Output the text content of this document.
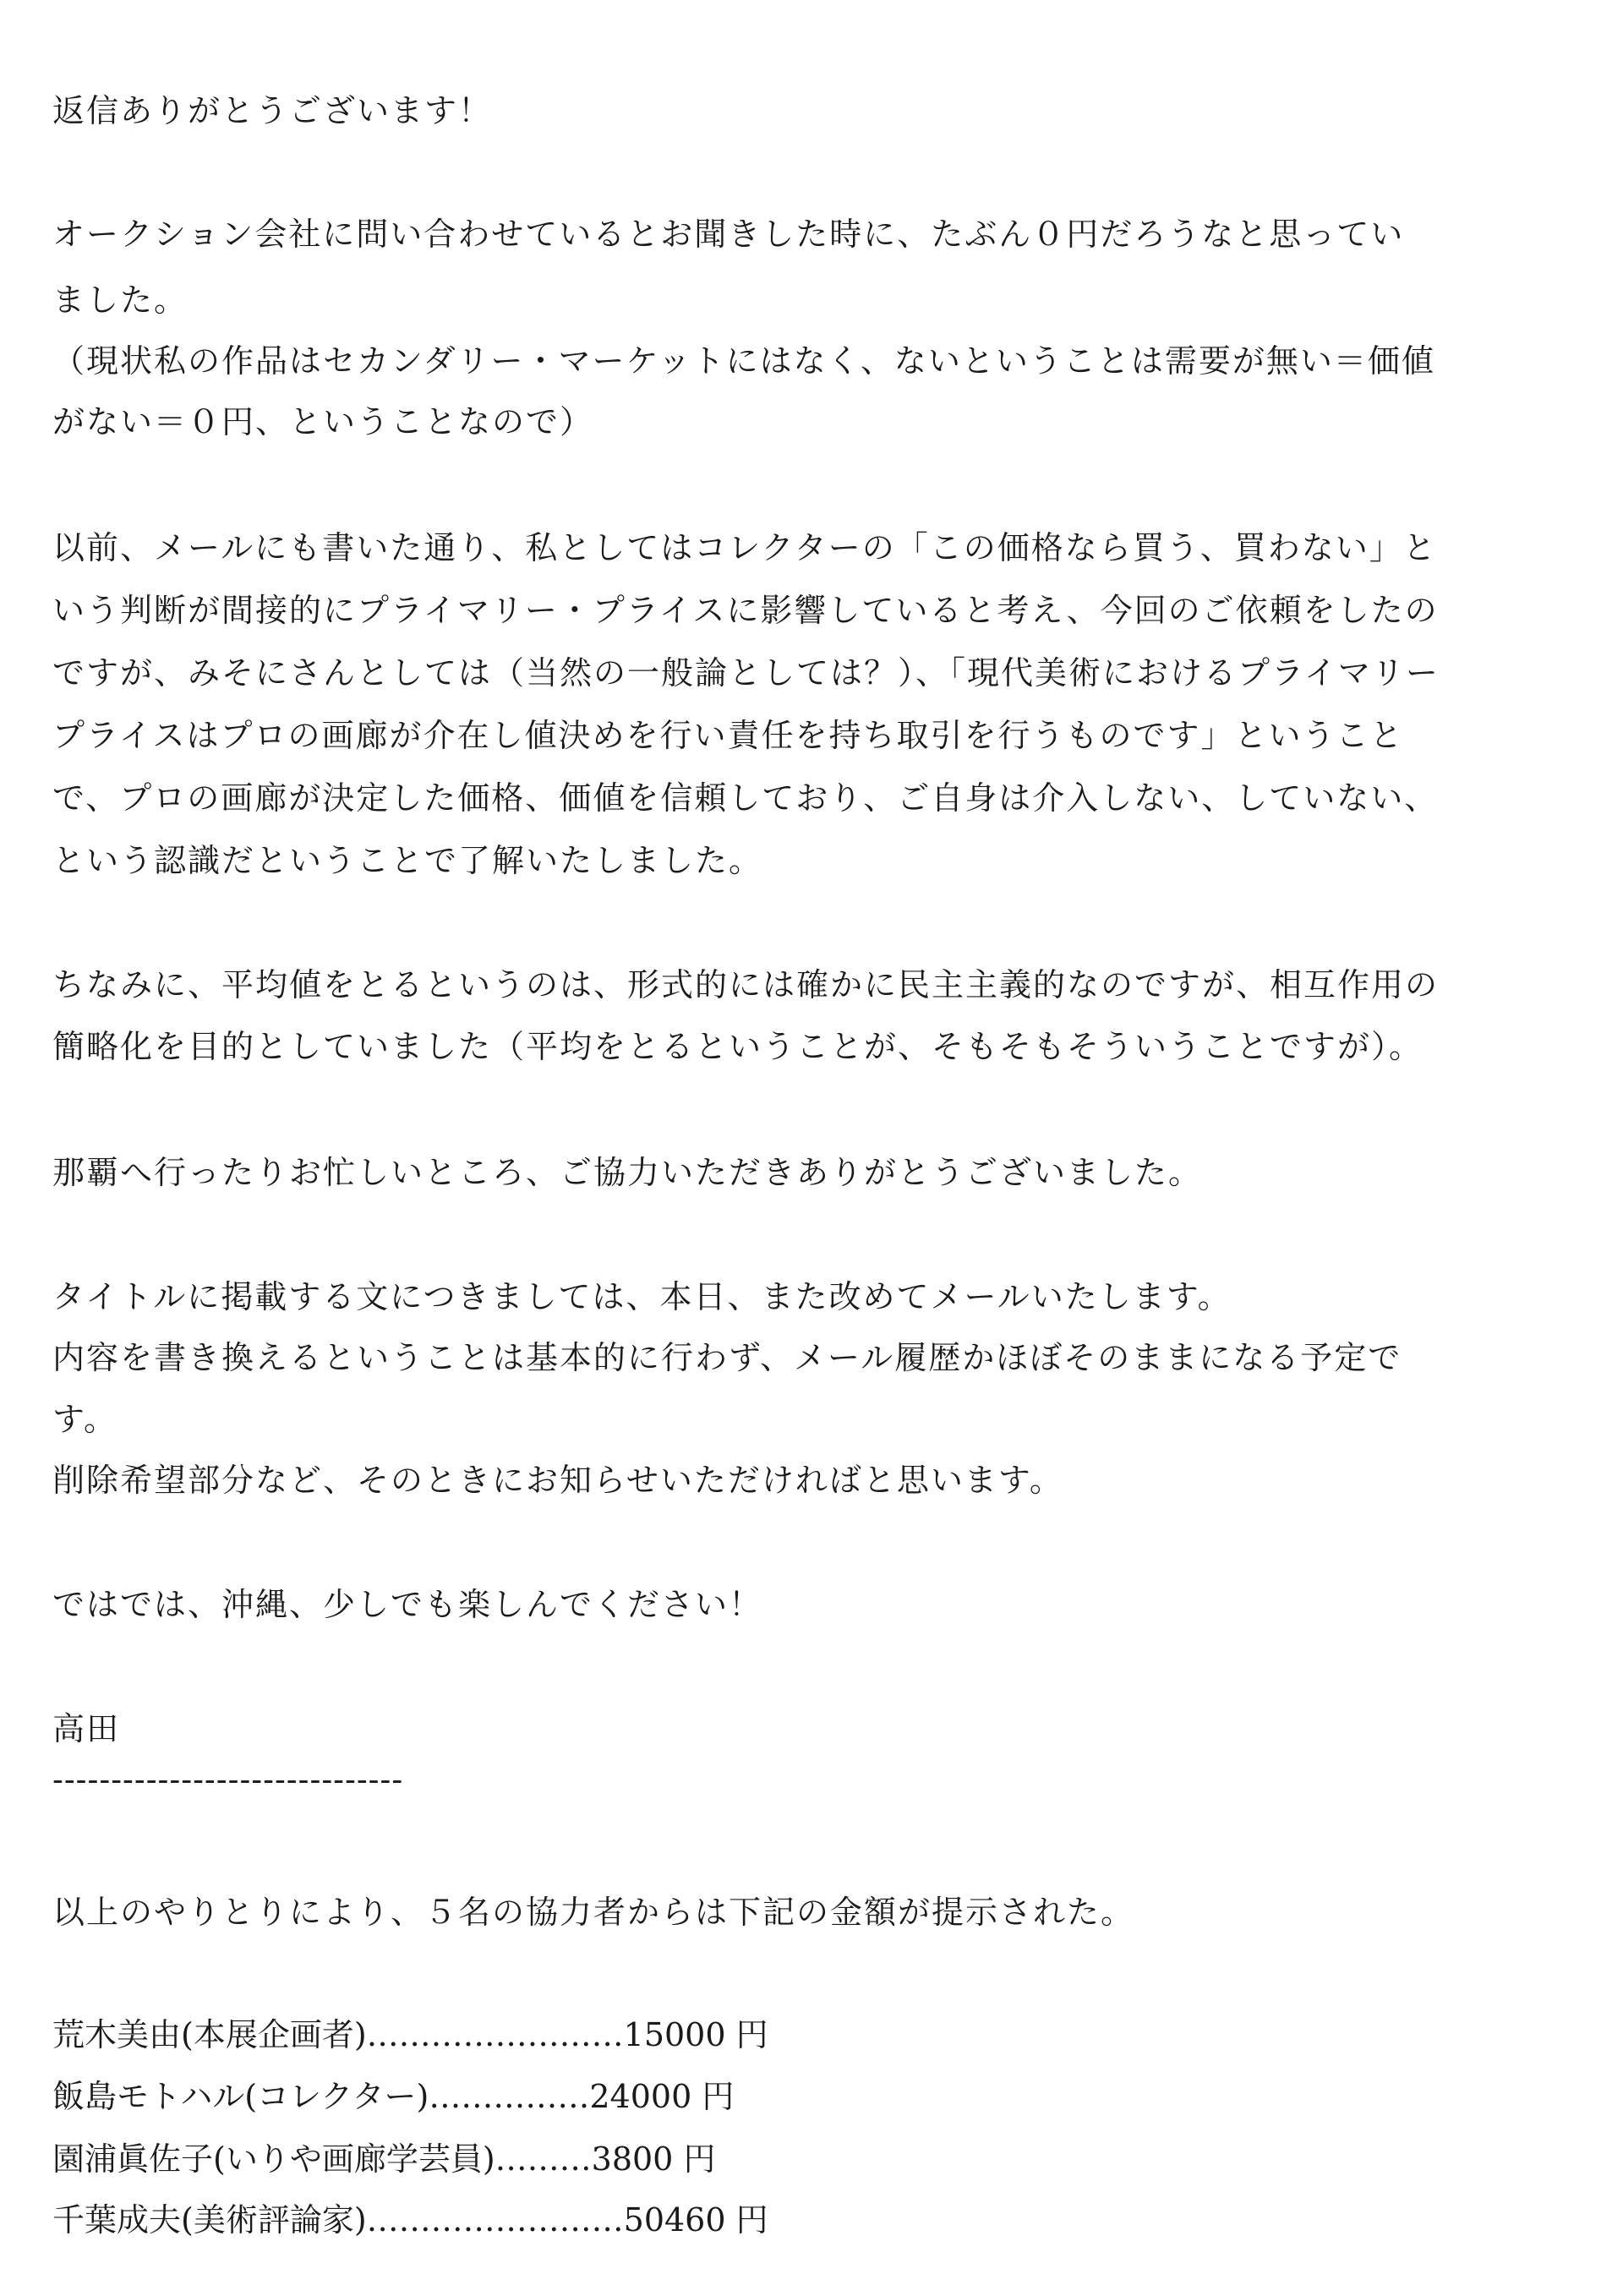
返信ありがとうございます！

オークション会社に問い合わせているとお聞きした時に、たぶん０円だろうなと思ってい

ました。

（現状私の作品はセカンダリー・マーケットにはなく、ないということは需要が無い＝価値

がない＝０円、ということなので）

以前、メールにも書いた通り、私としてはコレクターの「この価格なら買う、買わない」と

いう判断が間接的にプライマリー・プライスに影響していると考え、今回のご依頼をしたの

ですが、みそにさんとしては（当然の一般論としては？）、「現代美術におけるプライマリー

プライスはプロの画廊が介在し値決めを行い責任を持ち取引を行うものです」ということ

で、プロの画廊が決定した価格、価値を信頼しており、ご自身は介入しない、していない、

という認識だということで了解いたしました。

ちなみに、平均値をとるというのは、形式的には確かに民主主義的なのですが、相互作用の

簡略化を目的としていました（平均をとるということが、そもそもそういうことですが）。

那覇へ行ったりお忙しいところ、ご協力いただきありがとうございました。

タイトルに掲載する文につきましては、本日、また改めてメールいたします。

内容を書き換えるということは基本的に行わず、メール履歴かほぼそのままになる予定で

す。

削除希望部分など、そのときにお知らせいただければと思います。

ではでは、沖縄、少しでも楽しんでください！

高田

------------------------------

以上のやりとりにより、５名の協力者からは下記の金額が提示された。

荒木美由(本展企画者)……………………15000 円

飯島モトハル(コレクター)……………24000 円

園浦眞佐子(いりや画廊学芸員)………3800 円

千葉成夫(美術評論家)……………………50460 円
